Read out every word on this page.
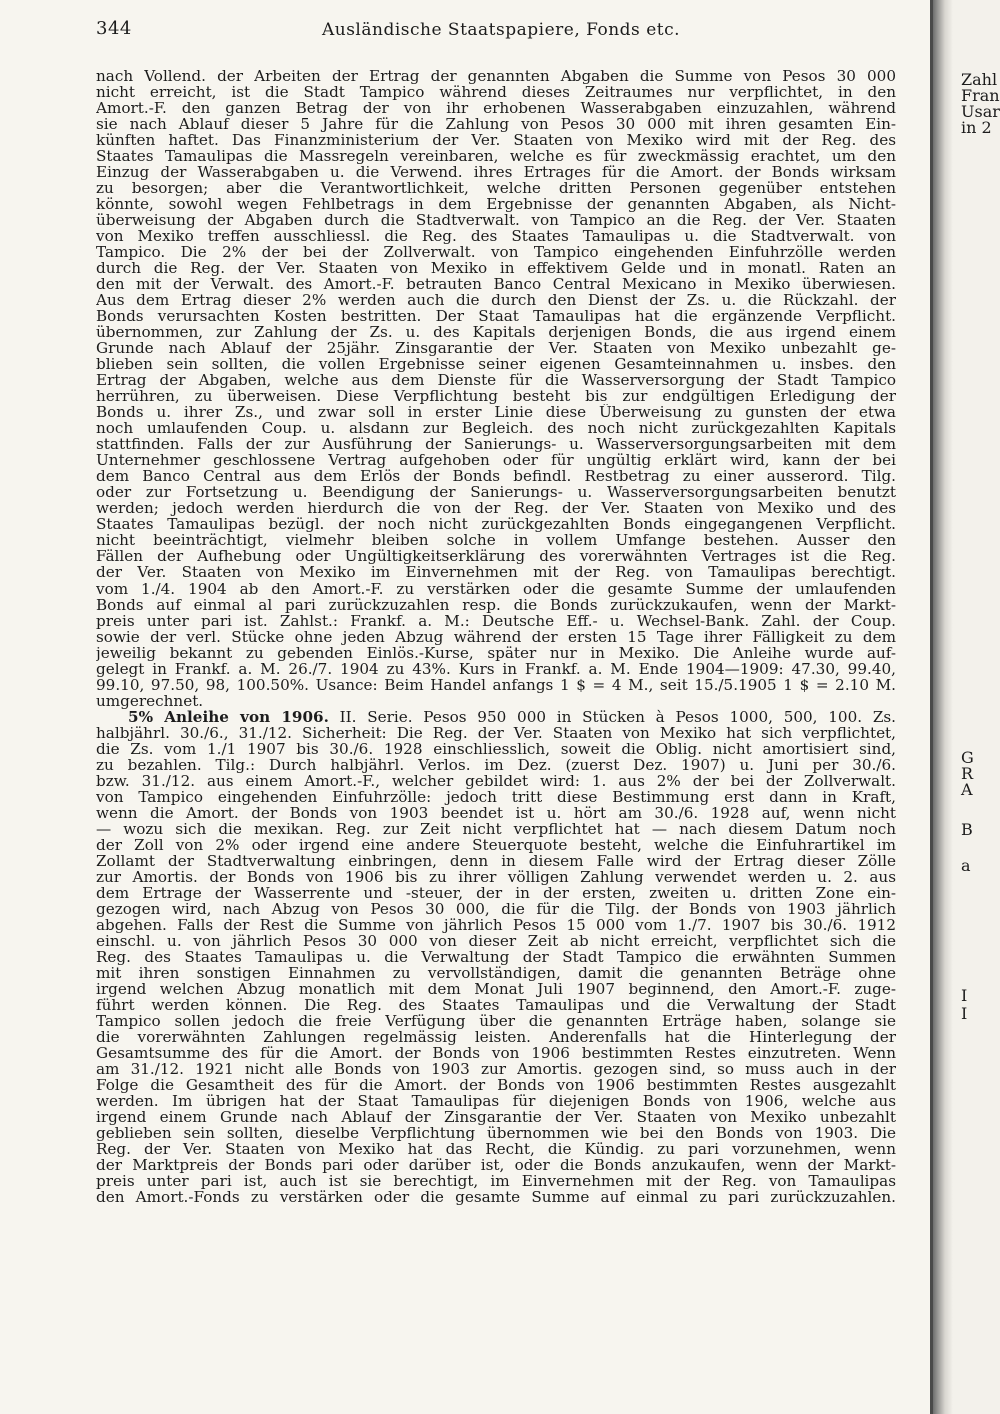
344	Ausländische Staatspapiere, Fonds etc.
nach Vollend. der Arbeiten der Ertrag der genannten Abgaben die Summe von Pesos 30 000
nicht erreicht, ist die Stadt Tampico während dieses Zeitraumes nur verpflichtet, in den
Amort.-F. den ganzen Betrag der von ihr erhobenen Wasserabgaben einzuzahlen, während
sie nach Ablauf dieser 5 Jahre für die Zahlung von Pesos 30 000 mit ihren gesamten Ein-
künften haftet. Das Finanzministerium der Ver. Staaten von Mexiko wird mit der Reg. des
Staates Tamaulipas die Massregeln vereinbaren, welche es für zweckmässig erachtet, um den
Einzug der Wasserabgaben u. die Verwend. ihres Ertrages für die Amort. der Bonds wirksam
zu besorgen; aber die Verantwortlichkeit, welche dritten Personen gegenüber entstehen
könnte, sowohl wegen Fehlbetrags in dem Ergebnisse der genannten Abgaben, als Nicht-
überweisung der Abgaben durch die Stadtverwalt. von Tampico an die Reg. der Ver. Staaten
von Mexiko treffen ausschliessl. die Reg. des Staates Tamaulipas u. die Stadtverwalt. von
Tampico. Die 2% der bei der Zollverwalt. von Tampico eingehenden Einfuhrzölle werden
durch die Reg. der Ver. Staaten von Mexiko in effektivem Gelde und in monatl. Raten an
den mit der Verwalt. des Amort.-F. betrauten Banco Central Mexicano in Mexiko überwiesen.
Aus dem Ertrag dieser 2% werden auch die durch den Dienst der Zs. u. die Rückzahl. der
Bonds verursachten Kosten bestritten. Der Staat Tamaulipas hat die ergänzende Verpflicht.
übernommen, zur Zahlung der Zs. u. des Kapitals derjenigen Bonds, die aus irgend einem
Grunde nach Ablauf der 25jähr. Zinsgarantie der Ver. Staaten von Mexiko unbezahlt ge-
blieben sein sollten, die vollen Ergebnisse seiner eigenen Gesamteinnahmen u. insbes. den
Ertrag der Abgaben, welche aus dem Dienste für die Wasserversorgung der Stadt Tampico
herrühren, zu überweisen. Diese Verpflichtung besteht bis zur endgültigen Erledigung der
Bonds u. ihrer Zs., und zwar soll in erster Linie diese Überweisung zu gunsten der etwa
noch umlaufenden Coup. u. alsdann zur Begleich. des noch nicht zurückgezahlten Kapitals
stattfinden. Falls der zur Ausführung der Sanierungs- u. Wasserversorgungsarbeiten mit dem
Unternehmer geschlossene Vertrag aufgehoben oder für ungültig erklärt wird, kann der bei
dem Banco Central aus dem Erlös der Bonds befindl. Restbetrag zu einer ausserord. Tilg.
oder zur Fortsetzung u. Beendigung der Sanierungs- u. Wasserversorgungsarbeiten benutzt
werden; jedoch werden hierdurch die von der Reg. der Ver. Staaten von Mexiko und des
Staates Tamaulipas bezügl. der noch nicht zurückgezahlten Bonds eingegangenen Verpflicht.
nicht beeinträchtigt, vielmehr bleiben solche in vollem Umfange bestehen. Ausser den
Fällen der Aufhebung oder Ungültigkeitserklärung des vorerwähnten Vertrages ist die Reg.
der Ver. Staaten von Mexiko im Einvernehmen mit der Reg. von Tamaulipas berechtigt.
vom 1./4. 1904 ab den Amort.-F. zu verstärken oder die gesamte Summe der umlaufenden
Bonds auf einmal al pari zurückzuzahlen resp. die Bonds zurückzukaufen, wenn der Markt-
preis unter pari ist. Zahlst.: Frankf. a. M.: Deutsche Eff.- u. Wechsel-Bank. Zahl. der Coup.
sowie der verl. Stücke ohne jeden Abzug während der ersten 15 Tage ihrer Fälligkeit zu dem
jeweilig bekannt zu gebenden Einlös.-Kurse, später nur in Mexiko. Die Anleihe wurde auf-
gelegt in Frankf. a. M. 26./7. 1904 zu 43%. Kurs in Frankf. a. M. Ende 1904—1909: 47.30, 99.40,
99.10, 97.50, 98, 100.50%. Usance: Beim Handel anfangs 1 $ = 4 M., seit 15./5.1905 1 $ = 2.10 M.
umgerechnet.
5% Anleihe von 1906. II. Serie. Pesos 950 000 in Stücken à Pesos 1000, 500, 100. Zs.
halbjährl. 30./6., 31./12. Sicherheit: Die Reg. der Ver. Staaten von Mexiko hat sich verpflichtet,
die Zs. vom 1./1 1907 bis 30./6. 1928 einschliesslich, soweit die Oblig. nicht amortisiert sind,
zu bezahlen. Tilg.: Durch halbjährl. Verlos. im Dez. (zuerst Dez. 1907) u. Juni per 30./6.
bzw. 31./12. aus einem Amort.-F., welcher gebildet wird: 1. aus 2% der bei der Zollverwalt.
von Tampico eingehenden Einfuhrzölle: jedoch tritt diese Bestimmung erst dann in Kraft,
wenn die Amort. der Bonds von 1903 beendet ist u. hört am 30./6. 1928 auf, wenn nicht
— wozu sich die mexikan. Reg. zur Zeit nicht verpflichtet hat — nach diesem Datum noch
der Zoll von 2% oder irgend eine andere Steuerquote besteht, welche die Einfuhrartikel im
Zollamt der Stadtverwaltung einbringen, denn in diesem Falle wird der Ertrag dieser Zölle
zur Amortis. der Bonds von 1906 bis zu ihrer völligen Zahlung verwendet werden u. 2. aus
dem Ertrage der Wasserrente und -steuer, der in der ersten, zweiten u. dritten Zone ein-
gezogen wird, nach Abzug von Pesos 30 000, die für die Tilg. der Bonds von 1903 jährlich
abgehen. Falls der Rest die Summe von jährlich Pesos 15 000 vom 1./7. 1907 bis 30./6. 1912
einschl. u. von jährlich Pesos 30 000 von dieser Zeit ab nicht erreicht, verpflichtet sich die
Reg. des Staates Tamaulipas u. die Verwaltung der Stadt Tampico die erwähnten Summen
mit ihren sonstigen Einnahmen zu vervollständigen, damit die genannten Beträge ohne
irgend welchen Abzug monatlich mit dem Monat Juli 1907 beginnend, den Amort.-F. zuge-
führt werden können. Die Reg. des Staates Tamaulipas und die Verwaltung der Stadt
Tampico sollen jedoch die freie Verfügung über die genannten Erträge haben, solange sie
die vorerwähnten Zahlungen regelmässig leisten. Anderenfalls hat die Hinterlegung der
Gesamtsumme des für die Amort. der Bonds von 1906 bestimmten Restes einzutreten. Wenn
am 31./12. 1921 nicht alle Bonds von 1903 zur Amortis. gezogen sind, so muss auch in der
Folge die Gesamtheit des für die Amort. der Bonds von 1906 bestimmten Restes ausgezahlt
werden. Im übrigen hat der Staat Tamaulipas für diejenigen Bonds von 1906, welche aus
irgend einem Grunde nach Ablauf der Zinsgarantie der Ver. Staaten von Mexiko unbezahlt
geblieben sein sollten, dieselbe Verpflichtung übernommen wie bei den Bonds von 1903. Die
Reg. der Ver. Staaten von Mexiko hat das Recht, die Kündig. zu pari vorzunehmen, wenn
der Marktpreis der Bonds pari oder darüber ist, oder die Bonds anzukaufen, wenn der Markt-
preis unter pari ist, auch ist sie berechtigt, im Einvernehmen mit der Reg. von Tamaulipas
den Amort.-Fonds zu verstärken oder die gesamte Summe auf einmal zu pari zurückzuzahlen.
Zahl
Fran
Usar
in 2
G
R
A
B
a
I
I
